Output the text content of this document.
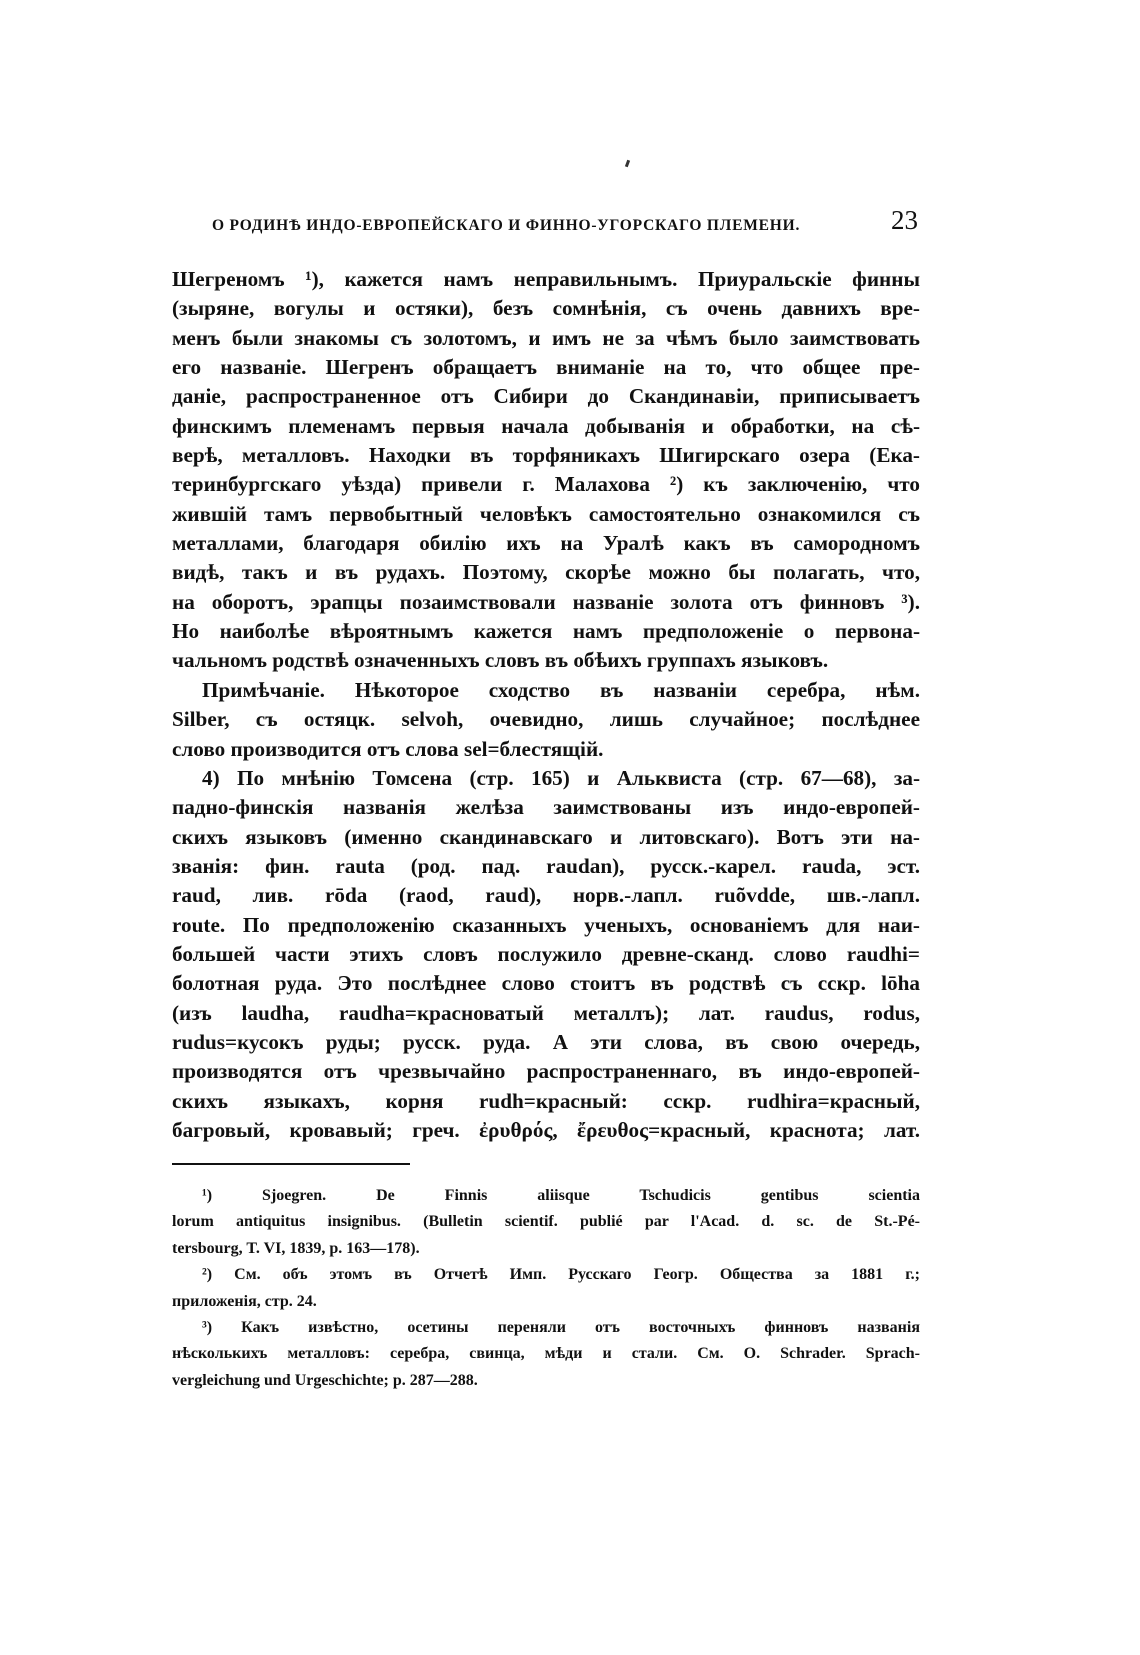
О РОДИНѢ ИНДО-ЕВРОПЕЙСКАГО И ФИННО-УГОРСКАГО ПЛЕМЕНИ.	23
Шегреномъ ¹), кажется намъ неправильнымъ. Приуральскіе финны
(зыряне, вогулы и остяки), безъ сомнѣнія, съ очень давнихъ вре-
менъ были знакомы съ золотомъ, и имъ не за чѣмъ было заимствовать
его названіе. Шегренъ обращаетъ вниманіе на то, что общее пре-
даніе, распространенное отъ Сибири до Скандинавіи, приписываетъ
финскимъ племенамъ первыя начала добыванія и обработки, на сѣ-
верѣ, металловъ. Находки въ торфяникахъ Шигирскаго озера (Ека-
теринбургскаго уѣзда) привели г. Малахова ²) къ заключенію, что
жившій тамъ первобытный человѣкъ самостоятельно ознакомился съ
металлами, благодаря обилію ихъ на Уралѣ какъ въ самородномъ
видѣ, такъ и въ рудахъ. Поэтому, скорѣе можно бы полагать, что,
на оборотъ, эрапцы позаимствовали названіе золота отъ финновъ ³).
Но наиболѣе вѣроятнымъ кажется намъ предположеніе о первона-
чальномъ родствѣ означенныхъ словъ въ обѣихъ группахъ языковъ.
Примѣчаніе. Нѣкоторое сходство въ названіи серебра, нѣм.
Silber, съ остяцк. selvoh, очевидно, лишь случайное; послѣднее
слово производится отъ слова sel=блестящій.
4) По мнѣнію Томсена (стр. 165) и Альквиста (стр. 67—68), за-
падно-финскія названія желѣза заимствованы изъ индо-европей-
скихъ языковъ (именно скандинавскаго и литовскаго). Вотъ эти на-
званія: фин. rauta (род. пад. raudan), русск.-карел. rauda, эст.
raud, лив. rōda (raod, raud), норв.-лапл. ruõvdde, шв.-лапл.
route. По предположенію сказанныхъ ученыхъ, основаніемъ для наи-
большей части этихъ словъ послужило древне-сканд. слово raudhi=
болотная руда. Это послѣднее слово стоитъ въ родствѣ съ сскр. lōha
(изъ laudha, raudha=красноватый металлъ); лат. raudus, rodus,
rudus=кусокъ руды; русск. руда. А эти слова, въ свою очередь,
производятся отъ чрезвычайно распространеннаго, въ индо-европей-
скихъ языкахъ, корня rudh=красный: сскр. rudhira=красный,
багровый, кровавый; греч. ἐρυθρός, ἔρευθος=красный, краснота; лат.
¹) Sjoegren. De Finnis aliisque Tschudicis gentibus scientia
lorum antiquitus insignibus. (Bulletin scientif. publié par l'Acad. d. sc. de St.-Pé-
tersbourg, T. VI, 1839, p. 163—178).
²) См. объ этомъ въ Отчетѣ Имп. Русскаго Геогр. Общества за 1881 г.;
приложенія, стр. 24.
³) Какъ извѣстно, осетины переняли отъ восточныхъ финновъ названія
нѣсколькихъ металловъ: серебра, свинца, мѣди и стали. См. O. Schrader. Sprach-
vergleichung und Urgeschichte; p. 287—288.
